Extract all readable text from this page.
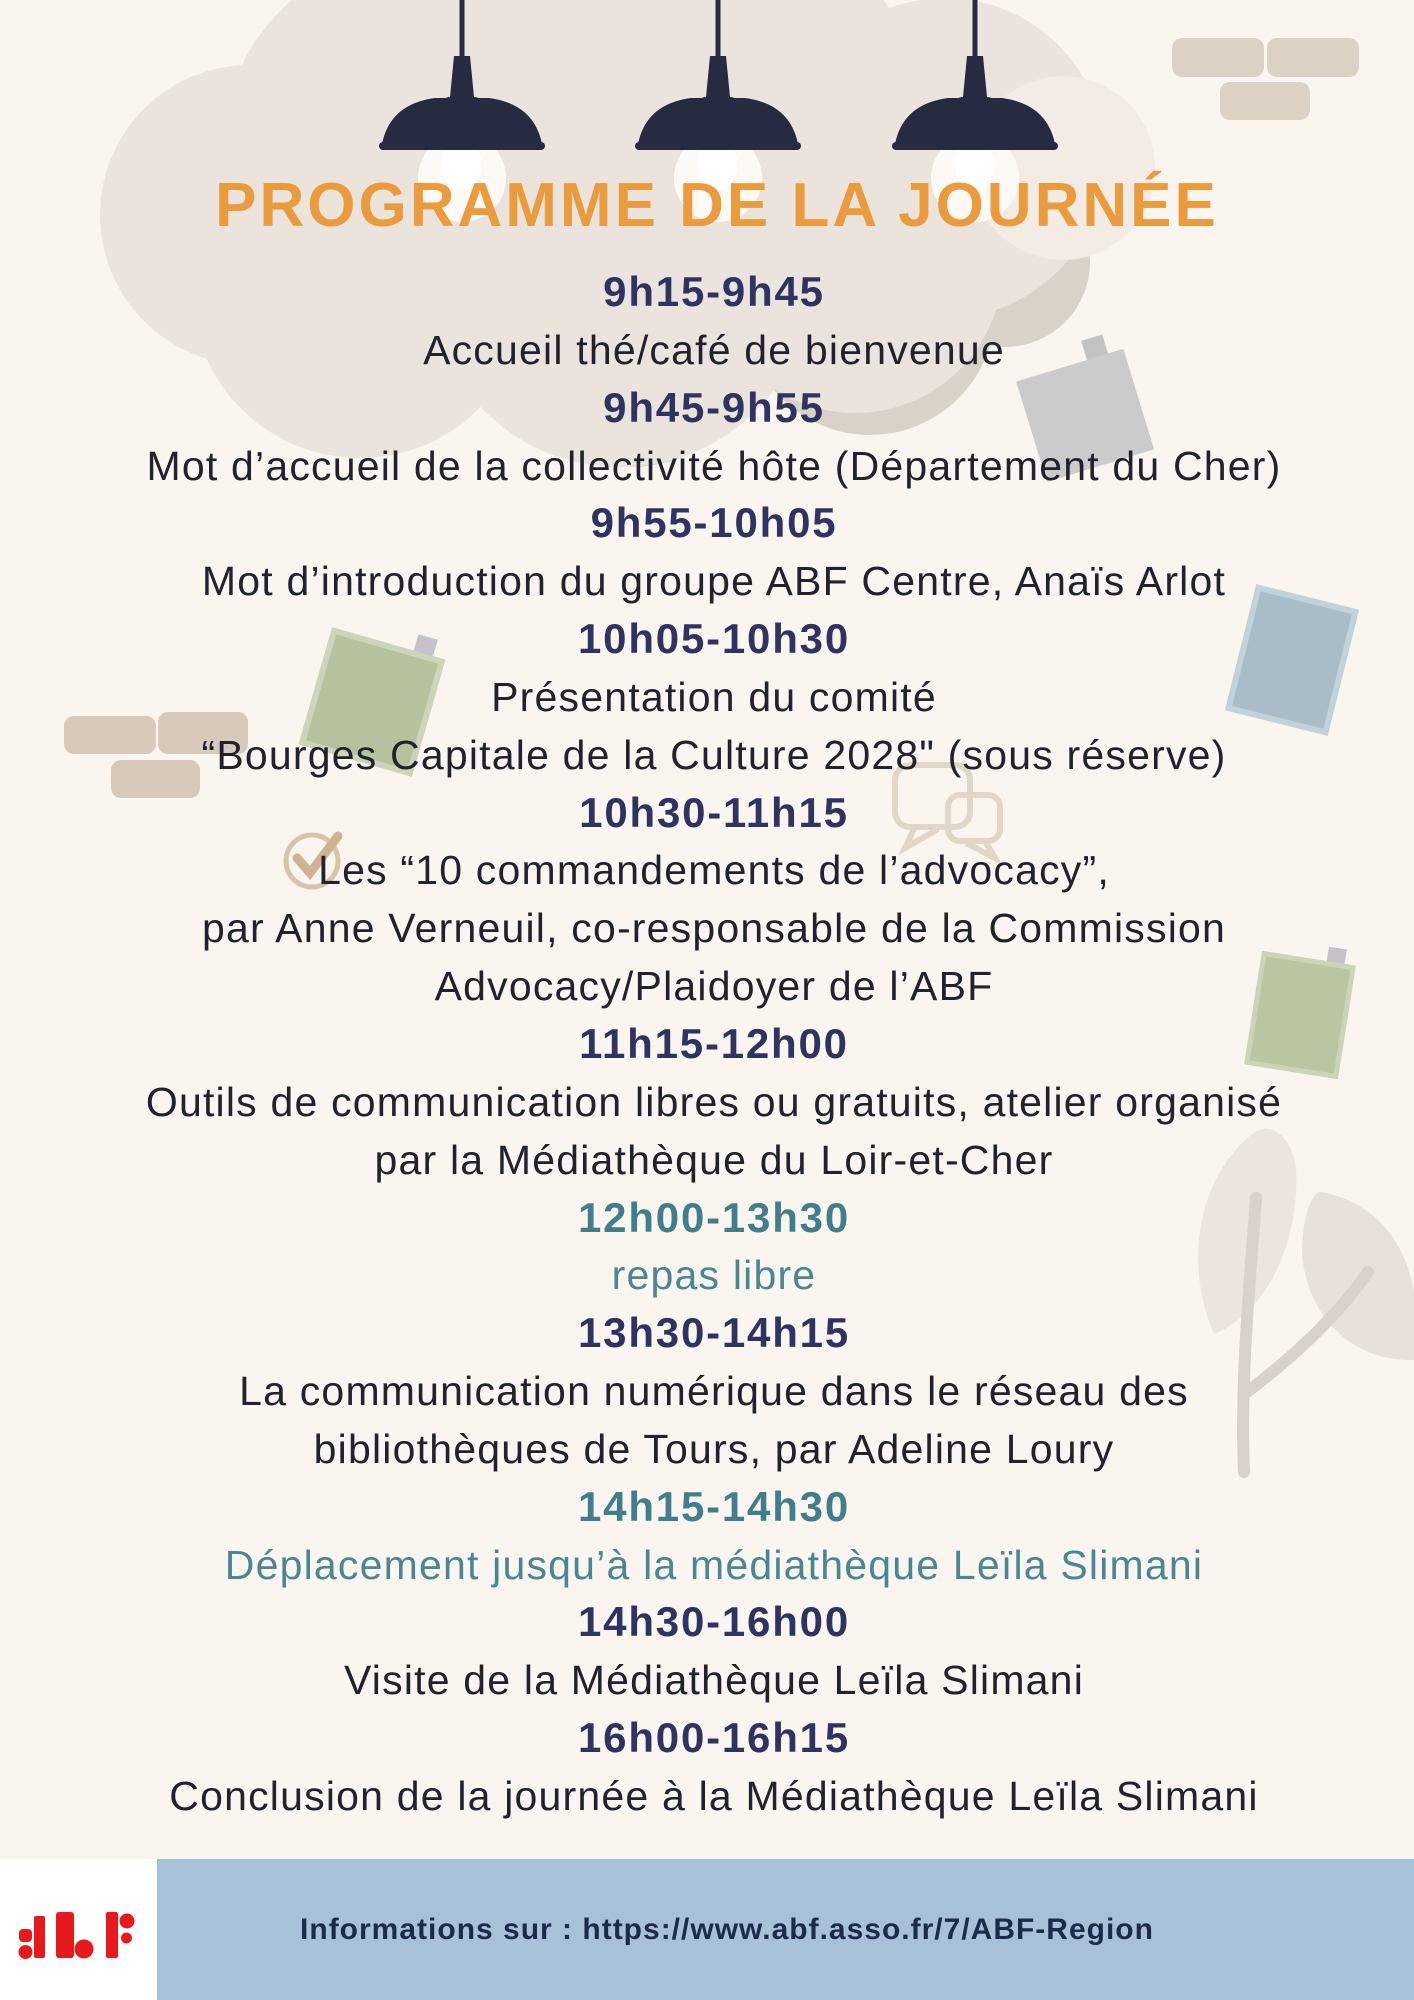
PROGRAMME DE LA JOURNÉE
9h15-9h45
Accueil thé/café de bienvenue
9h45-9h55
Mot d’accueil de la collectivité hôte (Département du Cher)
9h55-10h05
Mot d’introduction du groupe ABF Centre, Anaïs Arlot
10h05-10h30
Présentation du comité
“Bourges Capitale de la Culture 2028" (sous réserve)
10h30-11h15
Les “10 commandements de l’advocacy”,
par Anne Verneuil, co-responsable de la Commission
Advocacy/Plaidoyer de l’ABF
11h15-12h00
Outils de communication libres ou gratuits, atelier organisé
par la Médiathèque du Loir-et-Cher
12h00-13h30
repas libre
13h30-14h15
La communication numérique dans le réseau des
bibliothèques de Tours, par Adeline Loury
14h15-14h30
Déplacement jusqu’à la médiathèque Leïla Slimani
14h30-16h00
Visite de la Médiathèque Leïla Slimani
16h00-16h15
Conclusion de la journée à la Médiathèque Leïla Slimani
Informations sur : https://www.abf.asso.fr/7/ABF-Region
